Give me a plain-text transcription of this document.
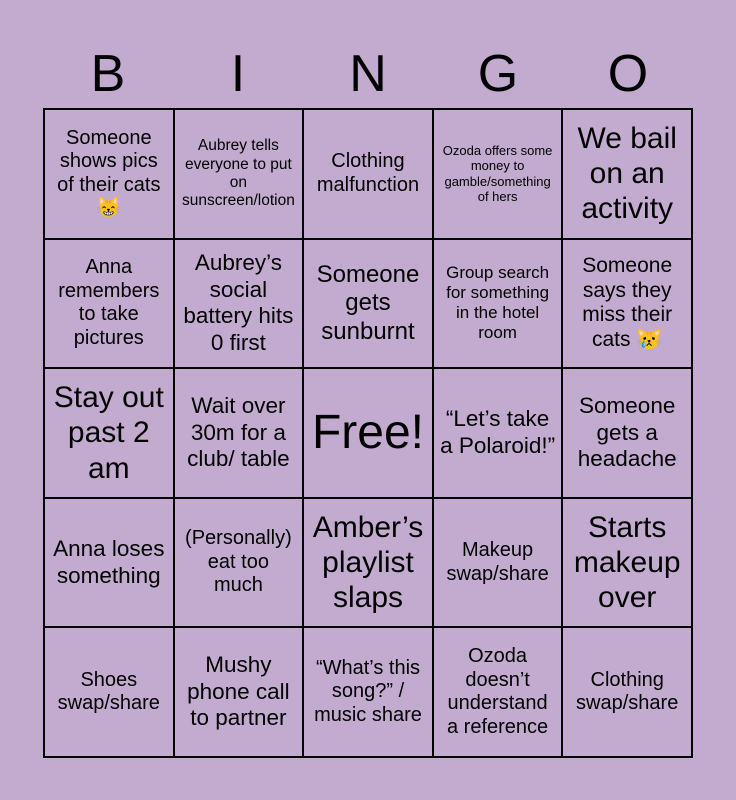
B	I	N	G	O
Someone shows pics of their cats 😸
Aubrey tells everyone to put on sunscreen/lotion
Clothing malfunction
Ozoda offers some money to gamble/something of hers
We bail on an activity
Anna remembers to take pictures
Aubrey’s social battery hits 0 first
Someone gets sunburnt
Group search for something in the hotel room
Someone says they miss their cats 😿
Stay out past 2 am
Wait over 30m for a club/ table
Free! “Let’s take a Polaroid!”
Someone gets a headache
Anna loses something
(Personally) eat too much
Amber’s playlist slaps
Makeup swap/share
Starts makeup over
Shoes swap/share
Mushy phone call to partner
“What’s this song?” / music share
Ozoda doesn’t understand a reference
Clothing swap/share
